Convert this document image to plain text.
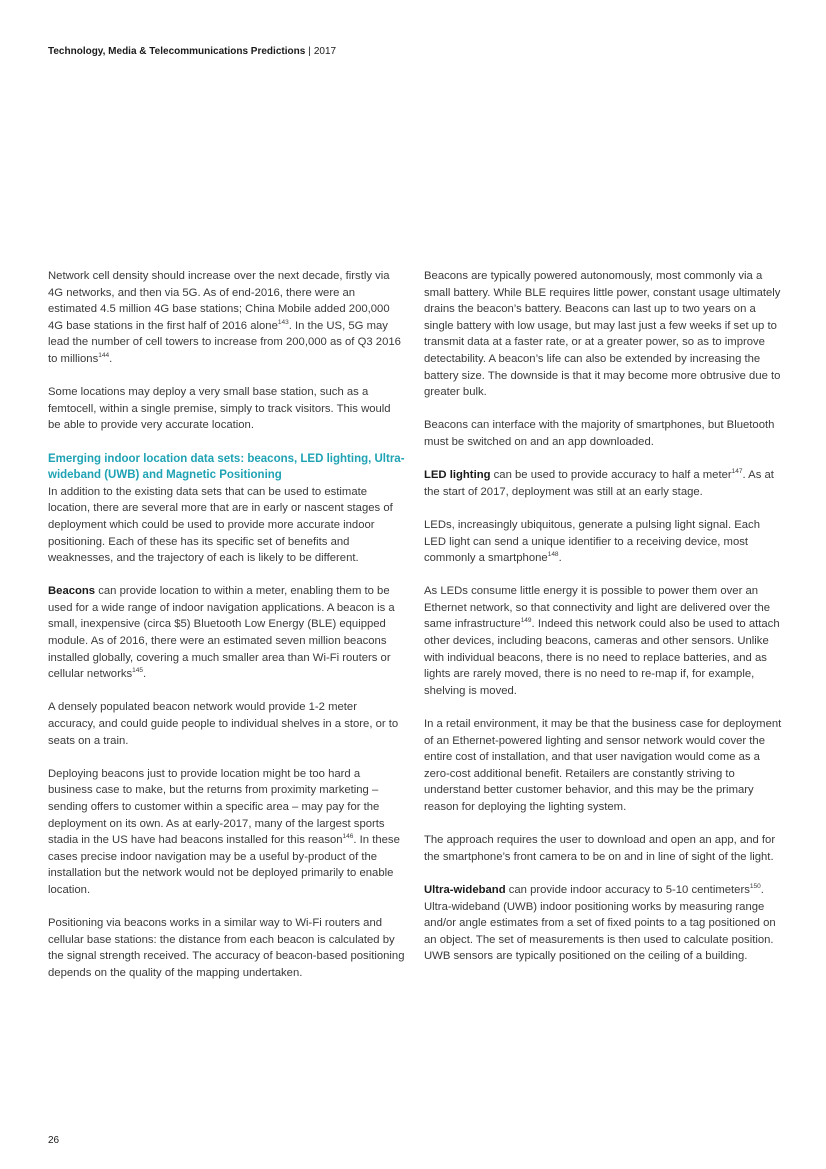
Technology, Media & Telecommunications Predictions | 2017

Network cell density should increase over the next decade, firstly via 4G networks, and then via 5G. As of end-2016, there were an estimated 4.5 million 4G base stations; China Mobile added 200,000 4G base stations in the first half of 2016 alone$^{143}$. In the US, 5G may lead the number of cell towers to increase from 200,000 as of Q3 2016 to millions$^{144}$.

Some locations may deploy a very small base station, such as a femtocell, within a single premise, simply to track visitors. This would be able to provide very accurate location.

Emerging indoor location data sets: beacons, LED lighting, Ultra-wideband (UWB) and Magnetic Positioning

In addition to the existing data sets that can be used to estimate location, there are several more that are in early or nascent stages of deployment which could be used to provide more accurate indoor positioning. Each of these has its specific set of benefits and weaknesses, and the trajectory of each is likely to be different.

Beacons can provide location to within a meter, enabling them to be used for a wide range of indoor navigation applications. A beacon is a small, inexpensive (circa $5) Bluetooth Low Energy (BLE) equipped module. As of 2016, there were an estimated seven million beacons installed globally, covering a much smaller area than Wi-Fi routers or cellular networks$^{145}$.

A densely populated beacon network would provide 1-2 meter accuracy, and could guide people to individual shelves in a store, or to seats on a train.

Deploying beacons just to provide location might be too hard a business case to make, but the returns from proximity marketing – sending offers to customer within a specific area – may pay for the deployment on its own. As at early-2017, many of the largest sports stadia in the US have had beacons installed for this reason$^{146}$. In these cases precise indoor navigation may be a useful by-product of the installation but the network would not be deployed primarily to enable location.

Positioning via beacons works in a similar way to Wi-Fi routers and cellular base stations: the distance from each beacon is calculated by the signal strength received. The accuracy of beacon-based positioning depends on the quality of the mapping undertaken.

Beacons are typically powered autonomously, most commonly via a small battery. While BLE requires little power, constant usage ultimately drains the beacon’s battery. Beacons can last up to two years on a single battery with low usage, but may last just a few weeks if set up to transmit data at a faster rate, or at a greater power, so as to improve detectability. A beacon’s life can also be extended by increasing the battery size. The downside is that it may become more obtrusive due to greater bulk.

Beacons can interface with the majority of smartphones, but Bluetooth must be switched on and an app downloaded.

LED lighting can be used to provide accuracy to half a meter$^{147}$. As at the start of 2017, deployment was still at an early stage.

LEDs, increasingly ubiquitous, generate a pulsing light signal. Each LED light can send a unique identifier to a receiving device, most commonly a smartphone$^{148}$.

As LEDs consume little energy it is possible to power them over an Ethernet network, so that connectivity and light are delivered over the same infrastructure$^{149}$. Indeed this network could also be used to attach other devices, including beacons, cameras and other sensors. Unlike with individual beacons, there is no need to replace batteries, and as lights are rarely moved, there is no need to re-map if, for example, shelving is moved.

In a retail environment, it may be that the business case for deployment of an Ethernet-powered lighting and sensor network would cover the entire cost of installation, and that user navigation would come as a zero-cost additional benefit. Retailers are constantly striving to understand better customer behavior, and this may be the primary reason for deploying the lighting system.

The approach requires the user to download and open an app, and for the smartphone’s front camera to be on and in line of sight of the light.

Ultra-wideband can provide indoor accuracy to 5-10 centimeters$^{150}$. Ultra-wideband (UWB) indoor positioning works by measuring range and/or angle estimates from a set of fixed points to a tag positioned on an object. The set of measurements is then used to calculate position. UWB sensors are typically positioned on the ceiling of a building.

26
